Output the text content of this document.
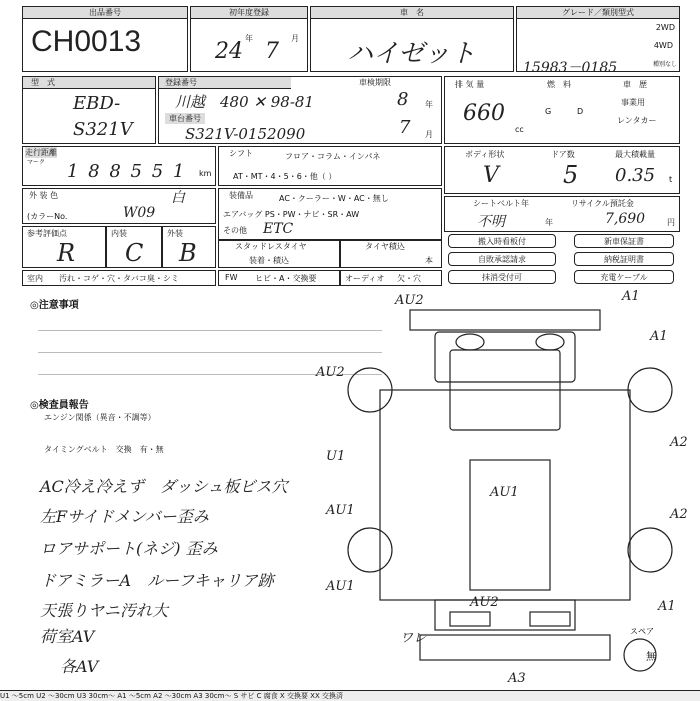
出品番号
CH0013
初年度登録
24
年
7
月
車　名
ハイゼット
グレード／類別型式
15983－0185
2WD
4WD
種別なし
型　式
EBD-
S321V
登録番号
川越　480 ✕ 98-81
車台番号
S321V-0152090
車検期限
8 年
7 月
排 気 量
660
cc
燃　料
G	D
車　歴
事業用
レンタカー
走行距離
マーク 1 8 8 5 5 1 km
シフト	フロア・コラム・インパネ
AT・MT・4・5・6・他（ ）
ボディ形状
V
ドア数
5
最大積載量
0.35 t
外 装 色	白
(カラーNo.	W09
装備品	AC・クーラー・W・AC・無し
エアバッグ PS・PW・ナビ・SR・AW
その他 ETC
シートベルト年
不明	年
リサイクル預託金
7,690	円
参考評価点
R
内装
C
外装
B	スタッドレスタイヤ
装着・積込
タイヤ積込
本
搬入時看板付
自敗承認請求
抹消受付可
新車保証書
納税証明書
充電ケーブル
室内 汚れ・コゲ・穴・タバコ臭・シミ	FW ヒビ・A・交換要	オーディオ 欠・穴
◎注意事項
◎検査員報告
エンジン関係（異音・不調等）
タイミングベルト　交換　有・無
AC冷え冷えず　ダッシュ板ビス穴
左Fサイドメンバー歪み
ロアサポート(ネジ) 歪み
ドアミラーA　ルーフキャリア跡
天張りヤニ汚れ大
荷室AV
各AV
AU2	A1
A1
AU2
A2
U1
AU1
AU1
A2
AU1
AU2	A1
ワレ
A3
スペア
無
U1 ～5cm U2 ～30cm U3 30cm～ A1 ～5cm A2 ～30cm A3 30cm～ S サビ C 腐食 X 交換要 XX 交換済
